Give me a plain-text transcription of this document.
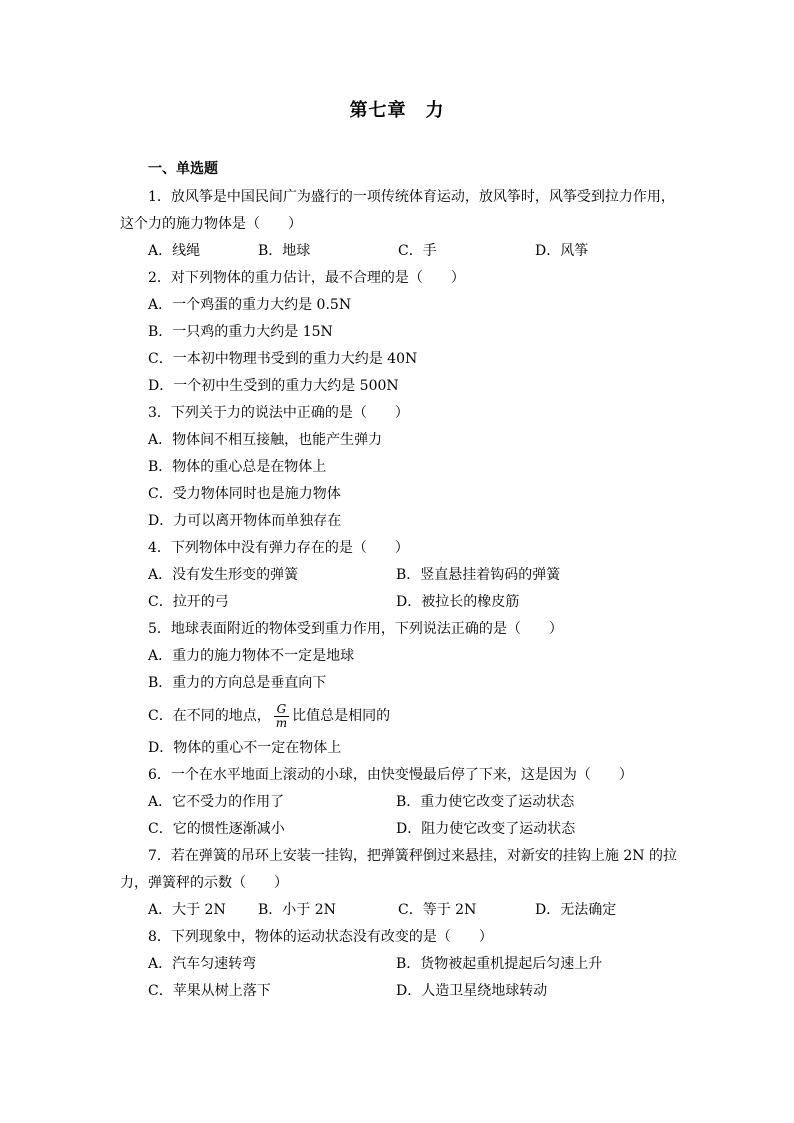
第七章　力
一、单选题
1．放风筝是中国民间广为盛行的一项传统体育运动，放风筝时，风筝受到拉力作用，
这个力的施力物体是（　　）
A．线绳	B．地球	C．手	D．风筝
2．对下列物体的重力估计，最不合理的是（　　）
A．一个鸡蛋的重力大约是 0.5N
B．一只鸡的重力大约是 15N
C．一本初中物理书受到的重力大约是 40N
D．一个初中生受到的重力大约是 500N
3．下列关于力的说法中正确的是（　　）
A．物体间不相互接触，也能产生弹力
B．物体的重心总是在物体上
C．受力物体同时也是施力物体
D．力可以离开物体而单独存在
4．下列物体中没有弹力存在的是（　　）
A．没有发生形变的弹簧	B．竖直悬挂着钩码的弹簧
C．拉开的弓	D．被拉长的橡皮筋
5．地球表面附近的物体受到重力作用，下列说法正确的是（　　）
A．重力的施力物体不一定是地球
B．重力的方向总是垂直向下
C．在不同的地点， $\frac{G}{m}$ 比值总是相同的
D．物体的重心不一定在物体上
6．一个在水平地面上滚动的小球，由快变慢最后停了下来，这是因为（　　）
A．它不受力的作用了	B．重力使它改变了运动状态
C．它的惯性逐渐减小	D．阻力使它改变了运动状态
7．若在弹簧的吊环上安装一挂钩，把弹簧秤倒过来悬挂，对新安的挂钩上施 2N 的拉
力，弹簧秤的示数（　　）
A．大于 2N B．小于 2N	C．等于 2N	D．无法确定
8．下列现象中，物体的运动状态没有改变的是（　　）
A．汽车匀速转弯	B．货物被起重机提起后匀速上升
C．苹果从树上落下	D．人造卫星绕地球转动
